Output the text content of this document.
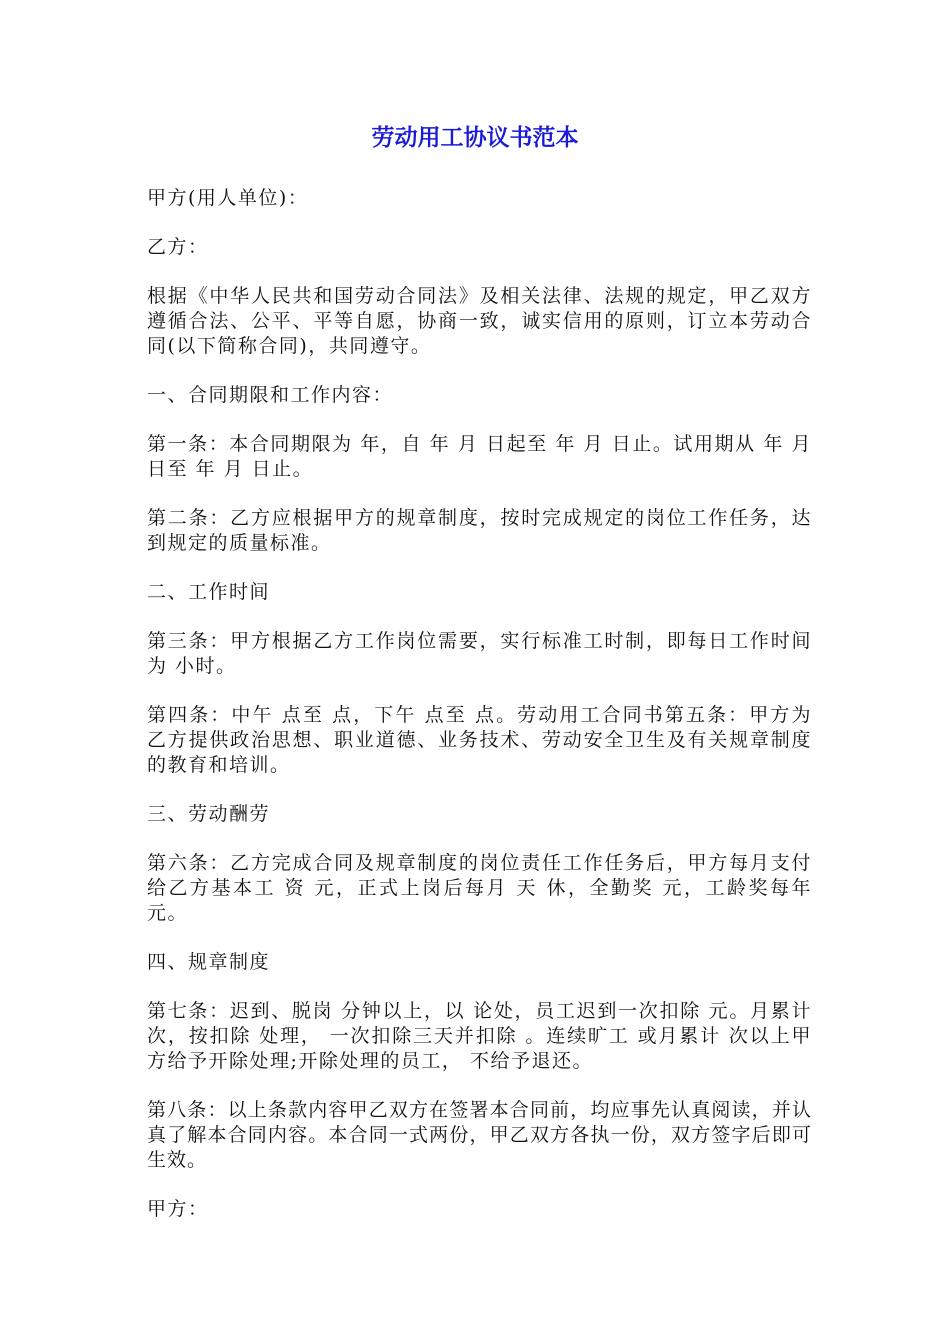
劳动用工协议书范本

甲方(用人单位)：

乙方：

根据《中华人民共和国劳动合同法》及相关法律、法规的规定，甲乙双方遵循合法、公平、平等自愿，协商一致，诚实信用的原则，订立本劳动合同(以下简称合同)，共同遵守。

一、合同期限和工作内容：

第一条：本合同期限为 年，自 年 月 日起至 年 月 日止。试用期从 年 月 日至 年 月 日止。

第二条：乙方应根据甲方的规章制度，按时完成规定的岗位工作任务，达到规定的质量标准。

二、工作时间

第三条：甲方根据乙方工作岗位需要，实行标准工时制，即每日工作时间为 小时。

第四条：中午 点至 点，下午 点至 点。劳动用工合同书第五条：甲方为乙方提供政治思想、职业道德、业务技术、劳动安全卫生及有关规章制度的教育和培训。

三、劳动酬劳

第六条：乙方完成合同及规章制度的岗位责任工作任务后，甲方每月支付给乙方基本工 资 元，正式上岗后每月 天 休，全勤奖 元，工龄奖每年 元。

四、规章制度

第七条：迟到、脱岗 分钟以上，以 论处，员工迟到一次扣除 元。月累计 次，按扣除 处理， 一次扣除三天并扣除 。连续旷工 或月累计 次以上甲方给予开除处理;开除处理的员工， 不给予退还。

第八条：以上条款内容甲乙双方在签署本合同前，均应事先认真阅读，并认真了解本合同内容。本合同一式两份，甲乙双方各执一份，双方签字后即可生效。

甲方：
